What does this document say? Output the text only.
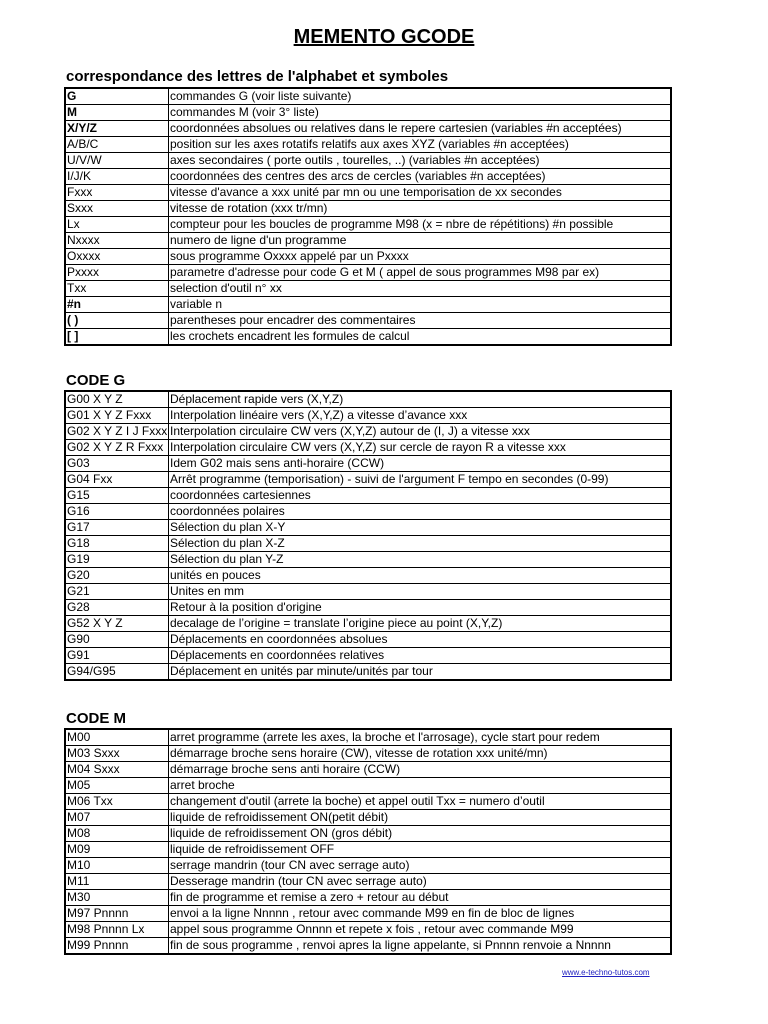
MEMENTO GCODE
correspondance des lettres de l'alphabet et symboles
G	commandes G (voir liste suivante)
M	commandes M (voir 3° liste)
X/Y/Z	coordonnées absolues ou relatives dans le repere cartesien (variables #n acceptées)
A/B/C	position sur les axes rotatifs relatifs aux axes XYZ (variables #n acceptées)
U/V/W	axes secondaires ( porte outils , tourelles, ..) (variables #n acceptées)
I/J/K	coordonnées des centres des arcs de cercles (variables #n acceptées)
Fxxx	vitesse d'avance a xxx unité par mn ou une temporisation de xx secondes
Sxxx	vitesse de rotation (xxx tr/mn)
Lx	compteur pour les boucles de programme M98 (x = nbre de répétitions) #n possible
Nxxxx	numero de ligne d'un programme
Oxxxx	sous programme Oxxxx appelé par un Pxxxx
Pxxxx	parametre d'adresse pour code G et M ( appel de sous programmes M98 par ex)
Txx	selection d'outil n° xx
#n	variable n
( )	parentheses pour encadrer des commentaires
[ ]	les crochets encadrent les formules de calcul
CODE G
G00 X Y Z	Déplacement rapide vers (X,Y,Z)
G01 X Y Z Fxxx	Interpolation linéaire vers (X,Y,Z) a vitesse d’avance xxx
G02 X Y Z I J Fxxx	Interpolation circulaire CW vers (X,Y,Z) autour de (I, J) a vitesse xxx
G02 X Y Z R Fxxx	Interpolation circulaire CW vers (X,Y,Z) sur cercle de rayon R a vitesse xxx
G03	Idem G02 mais sens anti-horaire (CCW)
G04 Fxx	Arrêt programme (temporisation) - suivi de l'argument F tempo en secondes (0-99)
G15	coordonnées cartesiennes
G16	coordonnées polaires
G17	Sélection du plan X-Y
G18	Sélection du plan X-Z
G19	Sélection du plan Y-Z
G20	unités en pouces
G21	Unites en mm
G28	Retour à la position d'origine
G52 X Y Z	decalage de l’origine = translate l’origine piece au point (X,Y,Z)
G90	Déplacements en coordonnées absolues
G91	Déplacements en coordonnées relatives
G94/G95	Déplacement en unités par minute/unités par tour
CODE M
M00	arret programme (arrete les axes, la broche et l'arrosage), cycle start pour redem
M03 Sxxx	démarrage broche sens horaire (CW), vitesse de rotation xxx unité/mn)
M04 Sxxx	démarrage broche sens anti horaire (CCW)
M05	arret broche
M06 Txx	changement d'outil (arrete la boche) et appel outil Txx = numero d’outil
M07	liquide de refroidissement ON(petit débit)
M08	liquide de refroidissement ON (gros débit)
M09	liquide de refroidissement OFF
M10	serrage mandrin (tour CN avec serrage auto)
M11	Desserage mandrin (tour CN avec serrage auto)
M30	fin de programme et remise a zero + retour au début
M97 Pnnnn	envoi a la ligne Nnnnn , retour avec commande M99 en fin de bloc de lignes
M98 Pnnnn Lx	appel sous programme Onnnn et repete x fois , retour avec commande M99
M99 Pnnnn	fin de sous programme , renvoi apres la ligne appelante, si Pnnnn renvoie a Nnnnn
www.e-techno-tutos.com
